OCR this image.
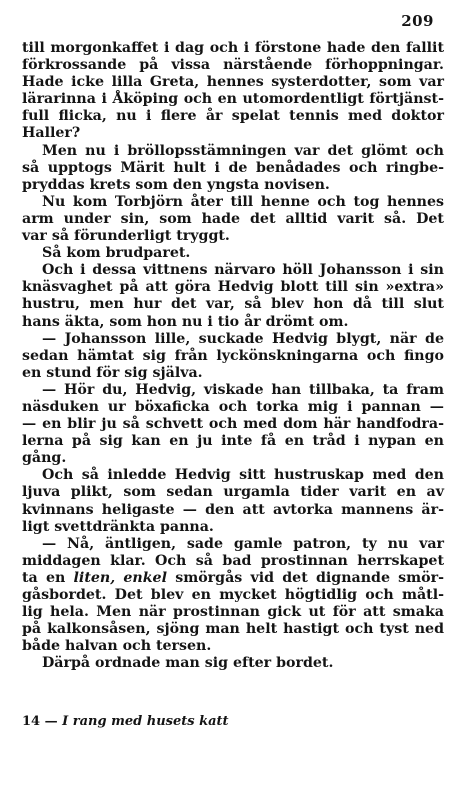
209
till morgonkaffet i dag och i förstone hade den fallit
förkrossande på vissa närstående förhoppningar.
Hade icke lilla Greta, hennes systerdotter, som var
lärarinna i Åköping och en utomordentligt förtjänst-
full flicka, nu i flere år spelat tennis med doktor
Haller?
Men nu i bröllopsstämningen var det glömt och
så upptogs Märit hult i de benådades och ringbe-
pryddas krets som den yngsta novisen.
Nu kom Torbjörn åter till henne och tog hennes
arm under sin, som hade det alltid varit så. Det
var så förunderligt tryggt.
Så kom brudparet.
Och i dessa vittnens närvaro höll Johansson i sin
knäsvaghet på att göra Hedvig blott till sin »extra»
hustru, men hur det var, så blev hon då till slut
hans äkta, som hon nu i tio år drömt om.
— Johansson lille, suckade Hedvig blygt, när de
sedan hämtat sig från lyckönskningarna och fingo
en stund för sig själva.
— Hör du, Hedvig, viskade han tillbaka, ta fram
näsduken ur böxaficka och torka mig i pannan —
— en blir ju så schvett och med dom här handfodra-
lerna på sig kan en ju inte få en tråd i nypan en
gång.
Och så inledde Hedvig sitt hustruskap med den
ljuva plikt, som sedan urgamla tider varit en av
kvinnans heligaste — den att avtorka mannens är-
ligt svettdränkta panna.
— Nå, äntligen, sade gamle patron, ty nu var
middagen klar. Och så bad prostinnan herrskapet
ta en liten, enkel smörgås vid det dignande smör-
gåsbordet. Det blev en mycket högtidlig och måtl-
lig hela. Men när prostinnan gick ut för att smaka
på kalkonsåsen, sjöng man helt hastigt och tyst ned
både halvan och tersen.
Därpå ordnade man sig efter bordet.
14 — I rang med husets katt
